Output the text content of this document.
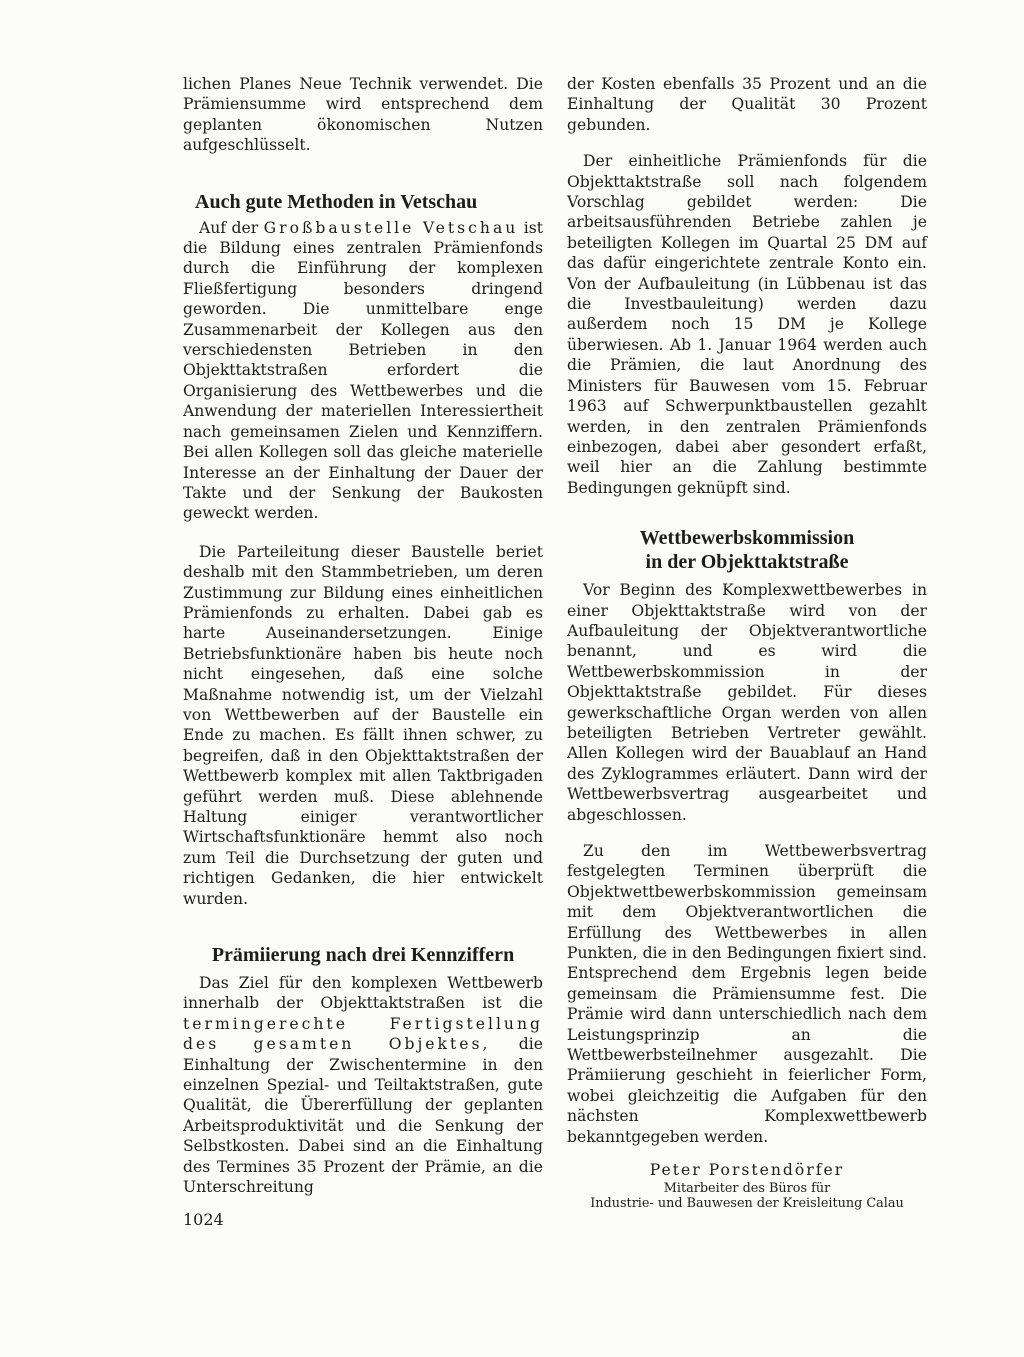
lichen Planes Neue Technik verwendet. Die Prämiensumme wird entsprechend dem geplanten ökonomischen Nutzen aufgeschlüsselt.

Auch gute Methoden in Vetschau

Auf der Großbaustelle Vetschau ist die Bildung eines zentralen Prämienfonds durch die Einführung der komplexen Fließfertigung besonders dringend geworden. Die unmittelbare enge Zusammenarbeit der Kollegen aus den verschiedensten Betrieben in den Objekttaktstraßen erfordert die Organisierung des Wettbewerbes und die Anwendung der materiellen Interessiertheit nach gemeinsamen Zielen und Kennziffern. Bei allen Kollegen soll das gleiche materielle Interesse an der Einhaltung der Dauer der Takte und der Senkung der Baukosten geweckt werden.

Die Parteileitung dieser Baustelle beriet deshalb mit den Stammbetrieben, um deren Zustimmung zur Bildung eines einheitlichen Prämienfonds zu erhalten. Dabei gab es harte Auseinandersetzungen. Einige Betriebsfunktionäre haben bis heute noch nicht eingesehen, daß eine solche Maßnahme notwendig ist, um der Vielzahl von Wettbewerben auf der Baustelle ein Ende zu machen. Es fällt ihnen schwer, zu begreifen, daß in den Objekttaktstraßen der Wettbewerb komplex mit allen Taktbrigaden geführt werden muß. Diese ablehnende Haltung einiger verantwortlicher Wirtschaftsfunktionäre hemmt also noch zum Teil die Durchsetzung der guten und richtigen Gedanken, die hier entwickelt wurden.

Prämiierung nach drei Kennziffern

Das Ziel für den komplexen Wettbewerb innerhalb der Objekttaktstraßen ist die termingerechte Fertigstellung des gesamten Objektes, die Einhaltung der Zwischentermine in den einzelnen Spezial- und Teiltaktstraßen, gute Qualität, die Übererfüllung der geplanten Arbeitsproduktivität und die Senkung der Selbstkosten. Dabei sind an die Einhaltung des Termines 35 Prozent der Prämie, an die Unterschreitung

der Kosten ebenfalls 35 Prozent und an die Einhaltung der Qualität 30 Prozent gebunden.

Der einheitliche Prämienfonds für die Objekttaktstraße soll nach folgendem Vorschlag gebildet werden: Die arbeitsausführenden Betriebe zahlen je beteiligten Kollegen im Quartal 25 DM auf das dafür eingerichtete zentrale Konto ein. Von der Aufbauleitung (in Lübbenau ist das die Investbauleitung) werden dazu außerdem noch 15 DM je Kollege überwiesen. Ab 1. Januar 1964 werden auch die Prämien, die laut Anordnung des Ministers für Bauwesen vom 15. Februar 1963 auf Schwerpunktbaustellen gezahlt werden, in den zentralen Prämienfonds einbezogen, dabei aber gesondert erfaßt, weil hier an die Zahlung bestimmte Bedingungen geknüpft sind.

Wettbewerbskommission
in der Objekttaktstraße

Vor Beginn des Komplexwettbewerbes in einer Objekttaktstraße wird von der Aufbauleitung der Objektverantwortliche benannt, und es wird die Wettbewerbskommission in der Objekttaktstraße gebildet. Für dieses gewerkschaftliche Organ werden von allen beteiligten Betrieben Vertreter gewählt. Allen Kollegen wird der Bauablauf an Hand des Zyklogrammes erläutert. Dann wird der Wettbewerbsvertrag ausgearbeitet und abgeschlossen.

Zu den im Wettbewerbsvertrag festgelegten Terminen überprüft die Objektwettbewerbskommission gemeinsam mit dem Objektverantwortlichen die Erfüllung des Wettbewerbes in allen Punkten, die in den Bedingungen fixiert sind. Entsprechend dem Ergebnis legen beide gemeinsam die Prämiensumme fest. Die Prämie wird dann unterschiedlich nach dem Leistungsprinzip an die Wettbewerbsteilnehmer ausgezahlt. Die Prämiierung geschieht in feierlicher Form, wobei gleichzeitig die Aufgaben für den nächsten Komplexwettbewerb bekanntgegeben werden.

Peter Porstendörfer

Mitarbeiter des Büros für

Industrie- und Bauwesen der Kreisleitung Calau

1024
